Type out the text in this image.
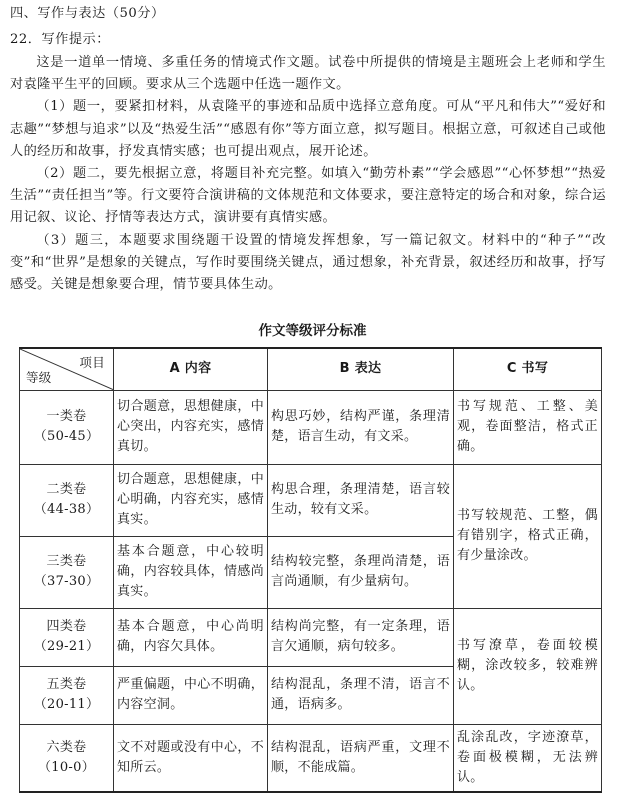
四、写作与表达（50分）
22．写作提示：

这是一道单一情境、多重任务的情境式作文题。试卷中所提供的情境是主题班会上老师和学生对袁隆平生平的回顾。要求从三个选题中任选一题作文。

（1）题一，要紧扣材料，从袁隆平的事迹和品质中选择立意角度。可从“平凡和伟大”“爱好和志趣”“梦想与追求”以及“热爱生活”“感恩有你”等方面立意，拟写题目。根据立意，可叙述自己或他人的经历和故事，抒发真情实感；也可提出观点，展开论述。

（2）题二，要先根据立意，将题目补充完整。如填入“勤劳朴素”“学会感恩”“心怀梦想”“热爱生活”“责任担当”等。行文要符合演讲稿的文体规范和文体要求，要注意特定的场合和对象，综合运用记叙、议论、抒情等表达方式，演讲要有真情实感。

（3）题三，本题要求围绕题干设置的情境发挥想象，写一篇记叙文。材料中的“种子”“改变”和“世界”是想象的关键点，写作时要围绕关键点，通过想象，补充背景，叙述经历和故事，抒写感受。关键是想象要合理，情节要具体生动。

作文等级评分标准
项目
等级	A 内容	B 表达	C 书写

一类卷
（50-45）	切合题意，思想健康，中心突出，内容充实，感情真切。	构思巧妙，结构严谨，条理清楚，语言生动，有文采。	书写规范、工整、美观，卷面整洁，格式正确。

二类卷
（44-38）	切合题意，思想健康，中心明确，内容充实，感情真实。	构思合理，条理清楚，语言较生动，较有文采。	书写较规范、工整，偶有错别字，格式正确，有少量涂改。

三类卷
（37-30）	基本合题意，中心较明确，内容较具体，情感尚真实。	结构较完整，条理尚清楚，语言尚通顺，有少量病句。	

四类卷
（29-21）	基本合题意，中心尚明确，内容欠具体。	结构尚完整，有一定条理，语言欠通顺，病句较多。	书写潦草，卷面较模糊，涂改较多，较难辨认。

五类卷
（20-11）	严重偏题，中心不明确，内容空洞。	结构混乱，条理不清，语言不通，语病多。	

六类卷
（10-0）	文不对题或没有中心，不知所云。	结构混乱，语病严重，文理不顺，不能成篇。	乱涂乱改，字迹潦草，卷面极模糊，无法辨认。
